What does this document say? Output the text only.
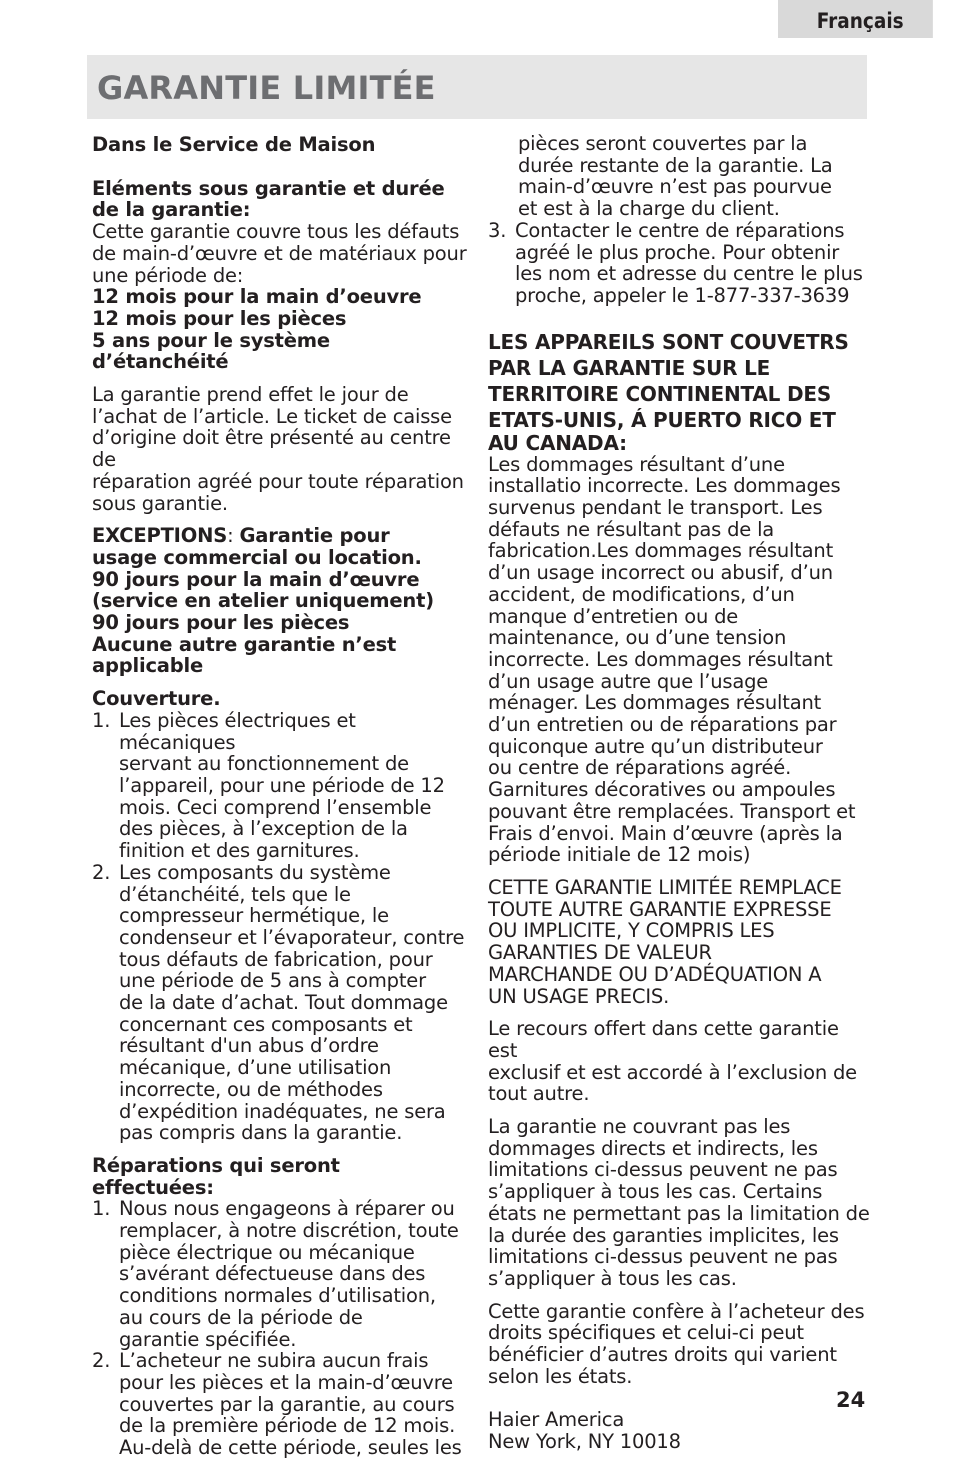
Français
GARANTIE LIMITÉE

Dans le Service de Maison

Eléments sous garantie et durée

de la garantie:

Cette garantie couvre tous les défauts

de main-d’œuvre et de matériaux pour

une période de:

12 mois pour la main d’oeuvre

12 mois pour les pièces

5 ans pour le système

d’étanchéité

La garantie prend effet le jour de

l’achat de l’article. Le ticket de caisse

d’origine doit être présenté au centre

de

réparation agréé pour toute réparation

sous garantie.

EXCEPTIONS: Garantie pour

usage commercial ou location.

90 jours pour la main d’œuvre

(service en atelier uniquement)

90 jours pour les pièces

Aucune autre garantie n’est

applicable

Couverture.

1. Les pièces électriques et mécaniques

servant au fonctionnement de

l’appareil, pour une période de 12

mois. Ceci comprend l’ensemble

des pièces, à l’exception de la

finition et des garnitures.

2. Les composants du système

d’étanchéité, tels que le

compresseur hermétique, le

condenseur et l’évaporateur, contre

tous défauts de fabrication, pour

une période de 5 ans à compter

de la date d’achat. Tout dommage

concernant ces composants et

résultant d'un abus d’ordre

mécanique, d’une utilisation

incorrecte, ou de méthodes

d’expédition inadéquates, ne sera

pas compris dans la garantie.

Réparations qui seront

effectuées:

1. Nous nous engageons à réparer ou

remplacer, à notre discrétion, toute

pièce électrique ou mécanique

s’avérant défectueuse dans des

conditions normales d’utilisation,

au cours de la période de

garantie spécifiée.

2. L’acheteur ne subira aucun frais

pour les pièces et la main-d’œuvre

couvertes par la garantie, au cours

de la première période de 12 mois.

Au-delà de cette période, seules les

pièces seront couvertes par la

durée restante de la garantie. La

main-d’œuvre n’est pas pourvue

et est à la charge du client.

3. Contacter le centre de réparations

agréé le plus proche. Pour obtenir

les nom et adresse du centre le plus

proche, appeler le 1-877-337-3639

LES APPAREILS SONT COUVETRS

PAR LA GARANTIE SUR LE

TERRITOIRE CONTINENTAL DES

ETATS-UNIS, Á PUERTO RICO ET

AU CANADA:

Les dommages résultant d’une

installatio incorrecte. Les dommages

survenus pendant le transport. Les

défauts ne résultant pas de la

fabrication.Les dommages résultant

d’un usage incorrect ou abusif, d’un

accident, de modifications, d’un

manque d’entretien ou de

maintenance, ou d’une tension

incorrecte. Les dommages résultant

d’un usage autre que l’usage

ménager. Les dommages résultant

d’un entretien ou de réparations par

quiconque autre qu’un distributeur

ou centre de réparations agréé.

Garnitures décoratives ou ampoules

pouvant être remplacées. Transport et

Frais d’envoi. Main d’œuvre (après la

période initiale de 12 mois)

CETTE GARANTIE LIMITÉE REMPLACE

TOUTE AUTRE GARANTIE EXPRESSE

OU IMPLICITE, Y COMPRIS LES

GARANTIES DE VALEUR

MARCHANDE OU D’ADÉQUATION A

UN USAGE PRECIS.

Le recours offert dans cette garantie est

exclusif et est accordé à l’exclusion de

tout autre.

La garantie ne couvrant pas les

dommages directs et indirects, les

limitations ci-dessus peuvent ne pas

s’appliquer à tous les cas. Certains

états ne permettant pas la limitation de

la durée des garanties implicites, les

limitations ci-dessus peuvent ne pas

s’appliquer à tous les cas.

Cette garantie confère à l’acheteur des

droits spécifiques et celui-ci peut

bénéficier d’autres droits qui varient

selon les états.

Haier America

New York, NY 10018

24
